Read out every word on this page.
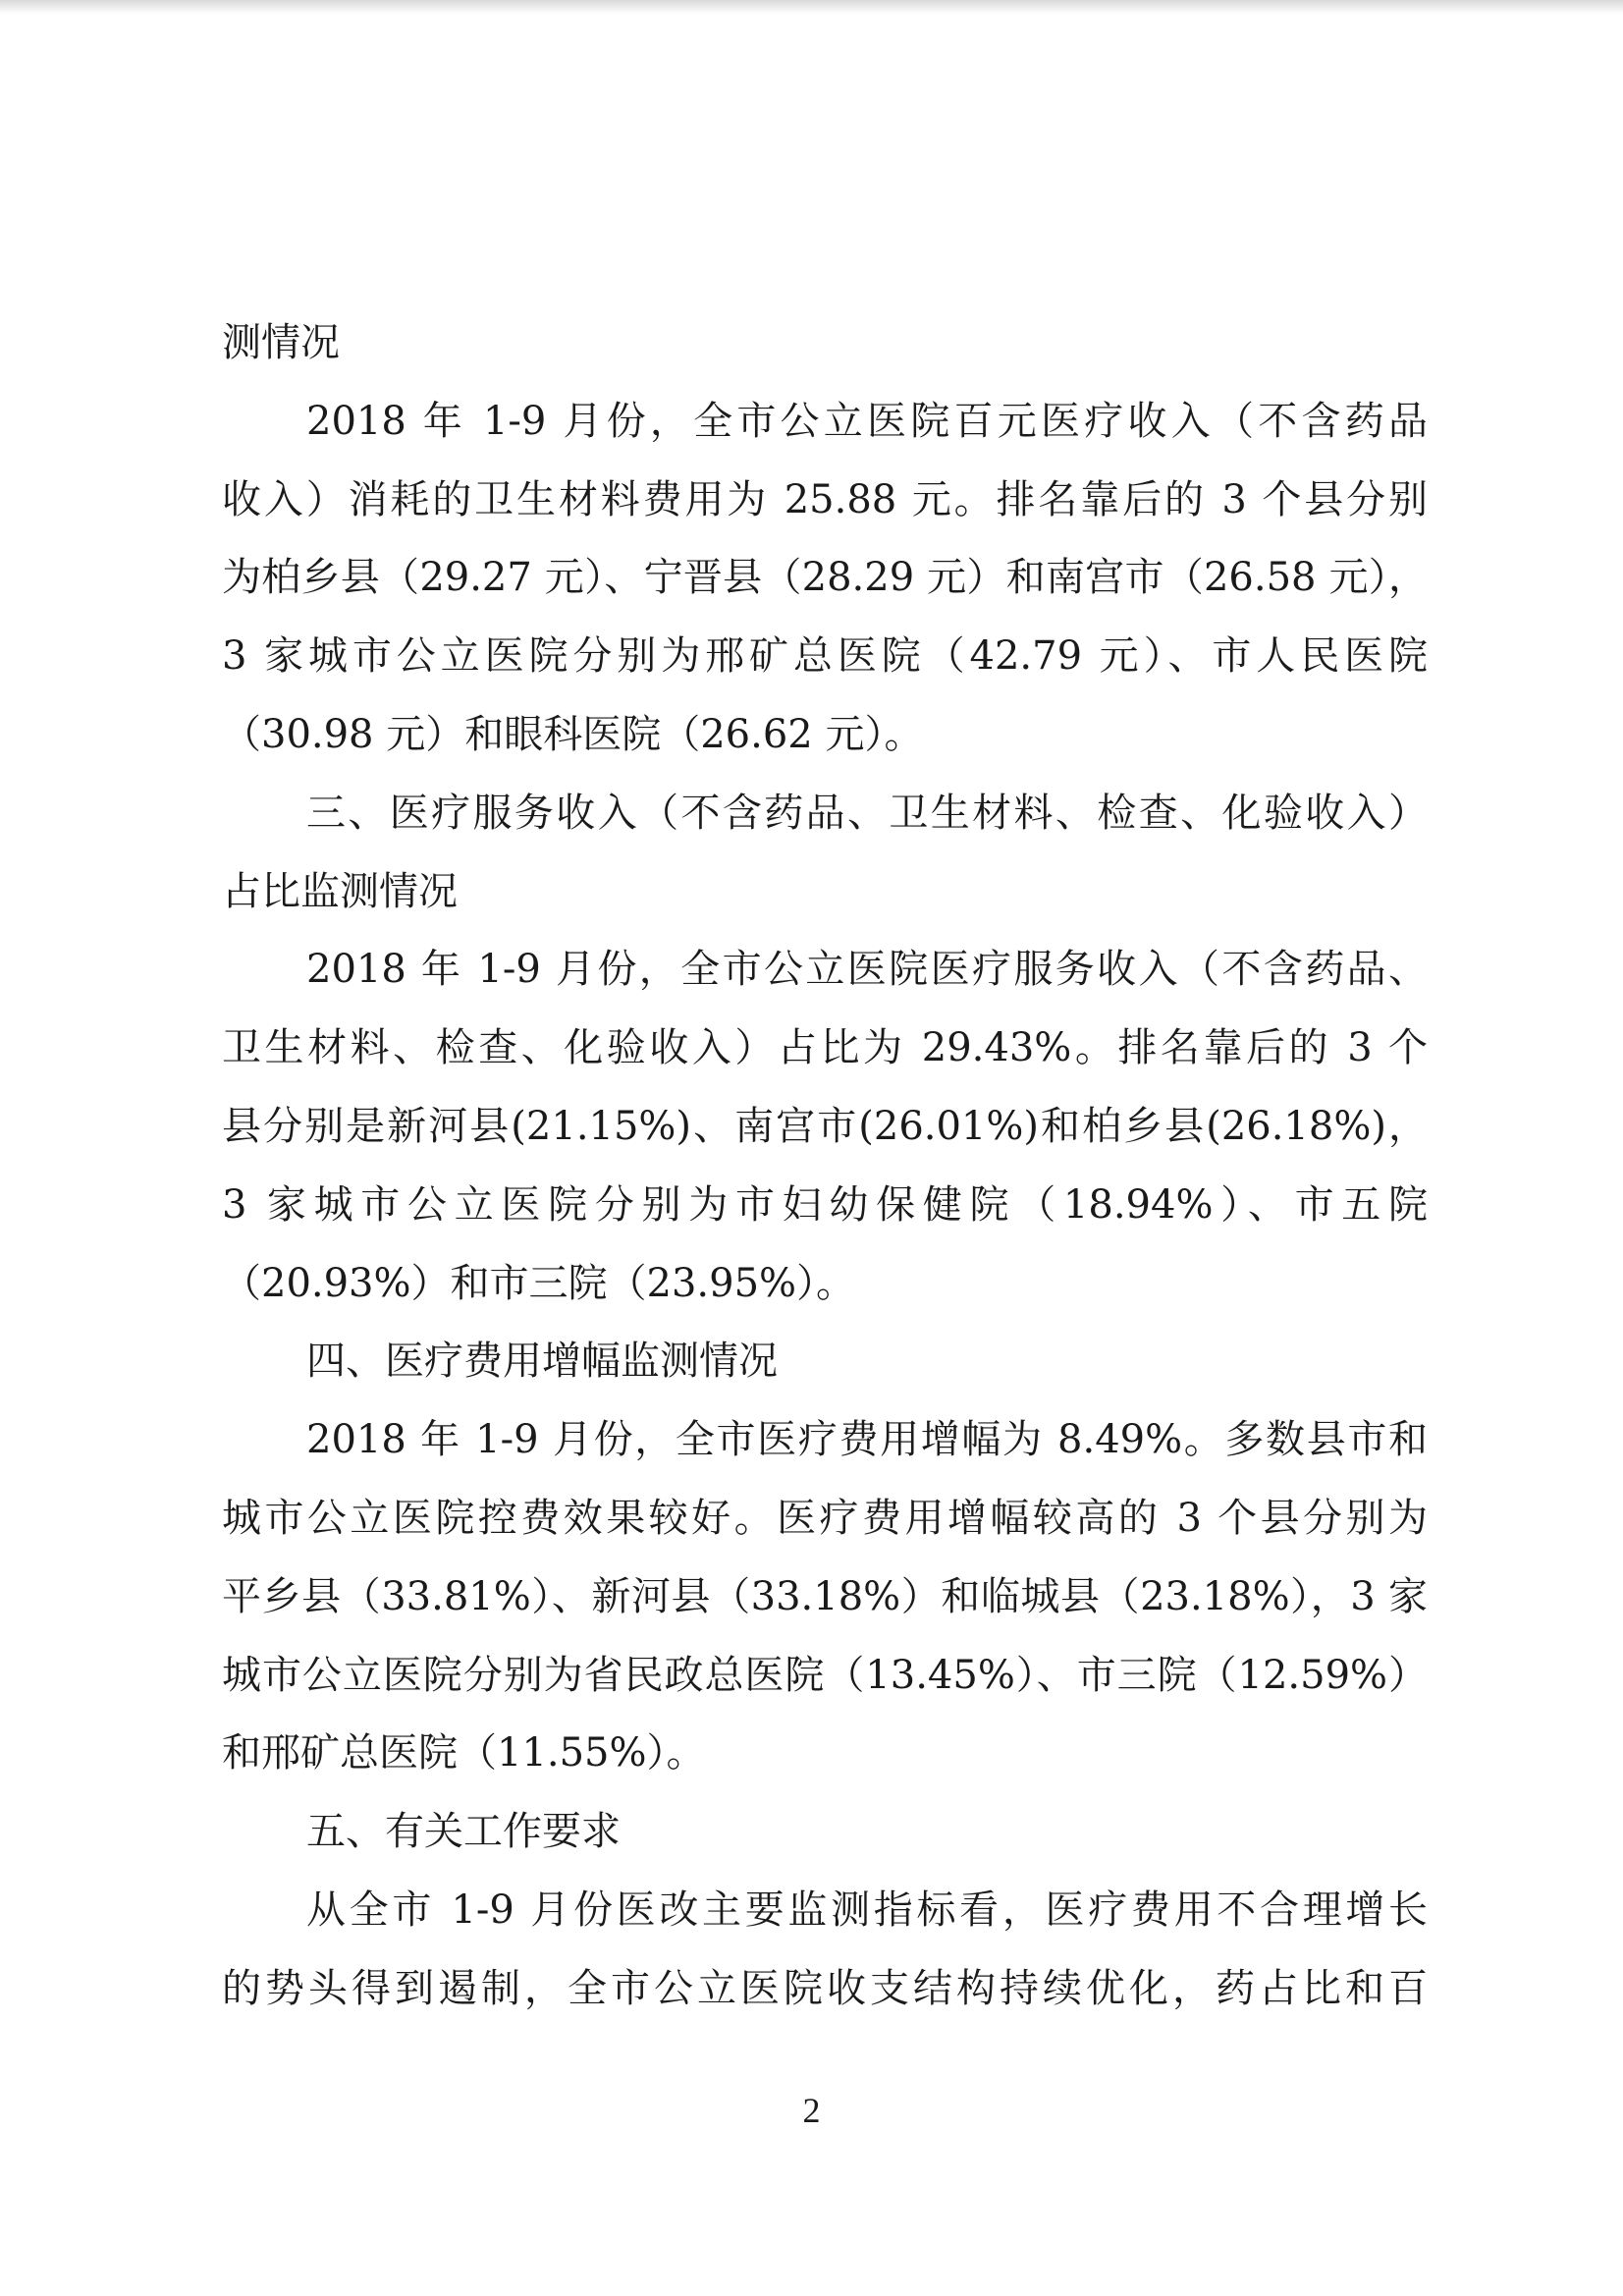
测情况
2018 年 1-9 月份，全市公立医院百元医疗收入（不含药品
收入）消耗的卫生材料费用为 25.88 元。排名靠后的 3 个县分别
为柏乡县（29.27 元）、宁晋县（28.29 元）和南宫市（26.58 元），
3 家城市公立医院分别为邢矿总医院（42.79 元）、市人民医院
（30.98 元）和眼科医院（26.62 元）。
三、医疗服务收入（不含药品、卫生材料、检查、化验收入）
占比监测情况
2018 年 1-9 月份，全市公立医院医疗服务收入（不含药品、
卫生材料、检查、化验收入）占比为 29.43%。排名靠后的 3 个
县分别是新河县(21.15%)、南宫市(26.01%)和柏乡县(26.18%)，
3 家城市公立医院分别为市妇幼保健院（18.94%）、市五院
（20.93%）和市三院（23.95%）。
四、医疗费用增幅监测情况
2018 年 1-9 月份，全市医疗费用增幅为 8.49%。多数县市和
城市公立医院控费效果较好。医疗费用增幅较高的 3 个县分别为
平乡县（33.81%）、新河县（33.18%）和临城县（23.18%），3 家
城市公立医院分别为省民政总医院（13.45%）、市三院（12.59%）
和邢矿总医院（11.55%）。
五、有关工作要求
从全市 1-9 月份医改主要监测指标看，医疗费用不合理增长
的势头得到遏制，全市公立医院收支结构持续优化，药占比和百
2
